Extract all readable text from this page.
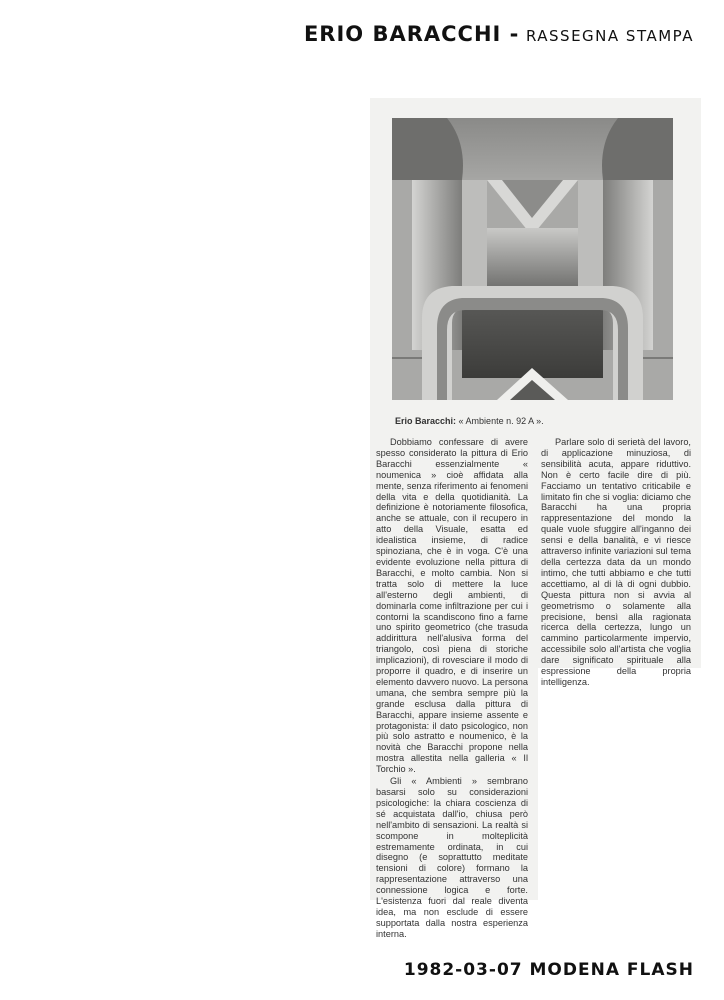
ERIO BARACCHI - RASSEGNA STAMPA
Erio Baracchi: « Ambiente n. 92 A ».

Dobbiamo confessare di avere spesso considerato la pittura di Erio Baracchi essenzialmente « noumenica » cioè affidata alla mente, senza riferimento ai fenomeni della vita e della quotidianità. La definizione è notoriamente filosofica, anche se attuale, con il recupero in atto della Visuale, esatta ed idealistica insieme, di radice spinoziana, che è in voga. C'è una evidente evoluzione nella pittura di Baracchi, e molto cambia. Non si tratta solo di mettere la luce all'esterno degli ambienti, di dominarla come infiltrazione per cui i contorni la scandiscono fino a farne uno spirito geometrico (che trasuda addirittura nell'alusiva forma del triangolo, così piena di storiche implicazioni), di rovesciare il modo di proporre il quadro, e di inserire un elemento davvero nuovo. La persona umana, che sembra sempre più la grande esclusa dalla pittura di Baracchi, appare insieme assente e protagonista: il dato psicologico, non più solo astratto e noumenico, è la novità che Baracchi propone nella mostra allestita nella galleria « Il Torchio ».

Gli « Ambienti » sembrano basarsi solo su considerazioni psicologiche: la chiara coscienza di sé acquistata dall'io, chiusa però nell'ambito di sensazioni. La realtà si scompone in molteplicità estremamente ordinata, in cui disegno (e soprattutto meditate tensioni di colore) formano la rappresentazione attraverso una connessione logica e forte. L'esistenza fuori dal reale diventa idea, ma non esclude di essere supportata dalla nostra esperienza interna.

Parlare solo di serietà del lavoro, di applicazione minuziosa, di sensibilità acuta, appare riduttivo. Non è certo facile dire di più. Facciamo un tentativo criticabile e limitato fin che si voglia: diciamo che Baracchi ha una propria rappresentazione del mondo la quale vuole sfuggire all'inganno dei sensi e della banalità, e vi riesce attraverso infinite variazioni sul tema della certezza data da un mondo intimo, che tutti abbiamo e che tutti accettiamo, al di là di ogni dubbio. Questa pittura non si avvia al geometrismo o solamente alla precisione, bensì alla ragionata ricerca della certezza, lungo un cammino particolarmente impervio, accessibile solo all'artista che voglia dare significato spirituale alla espressione della propria intelligenza.

1982-03-07 MODENA FLASH
